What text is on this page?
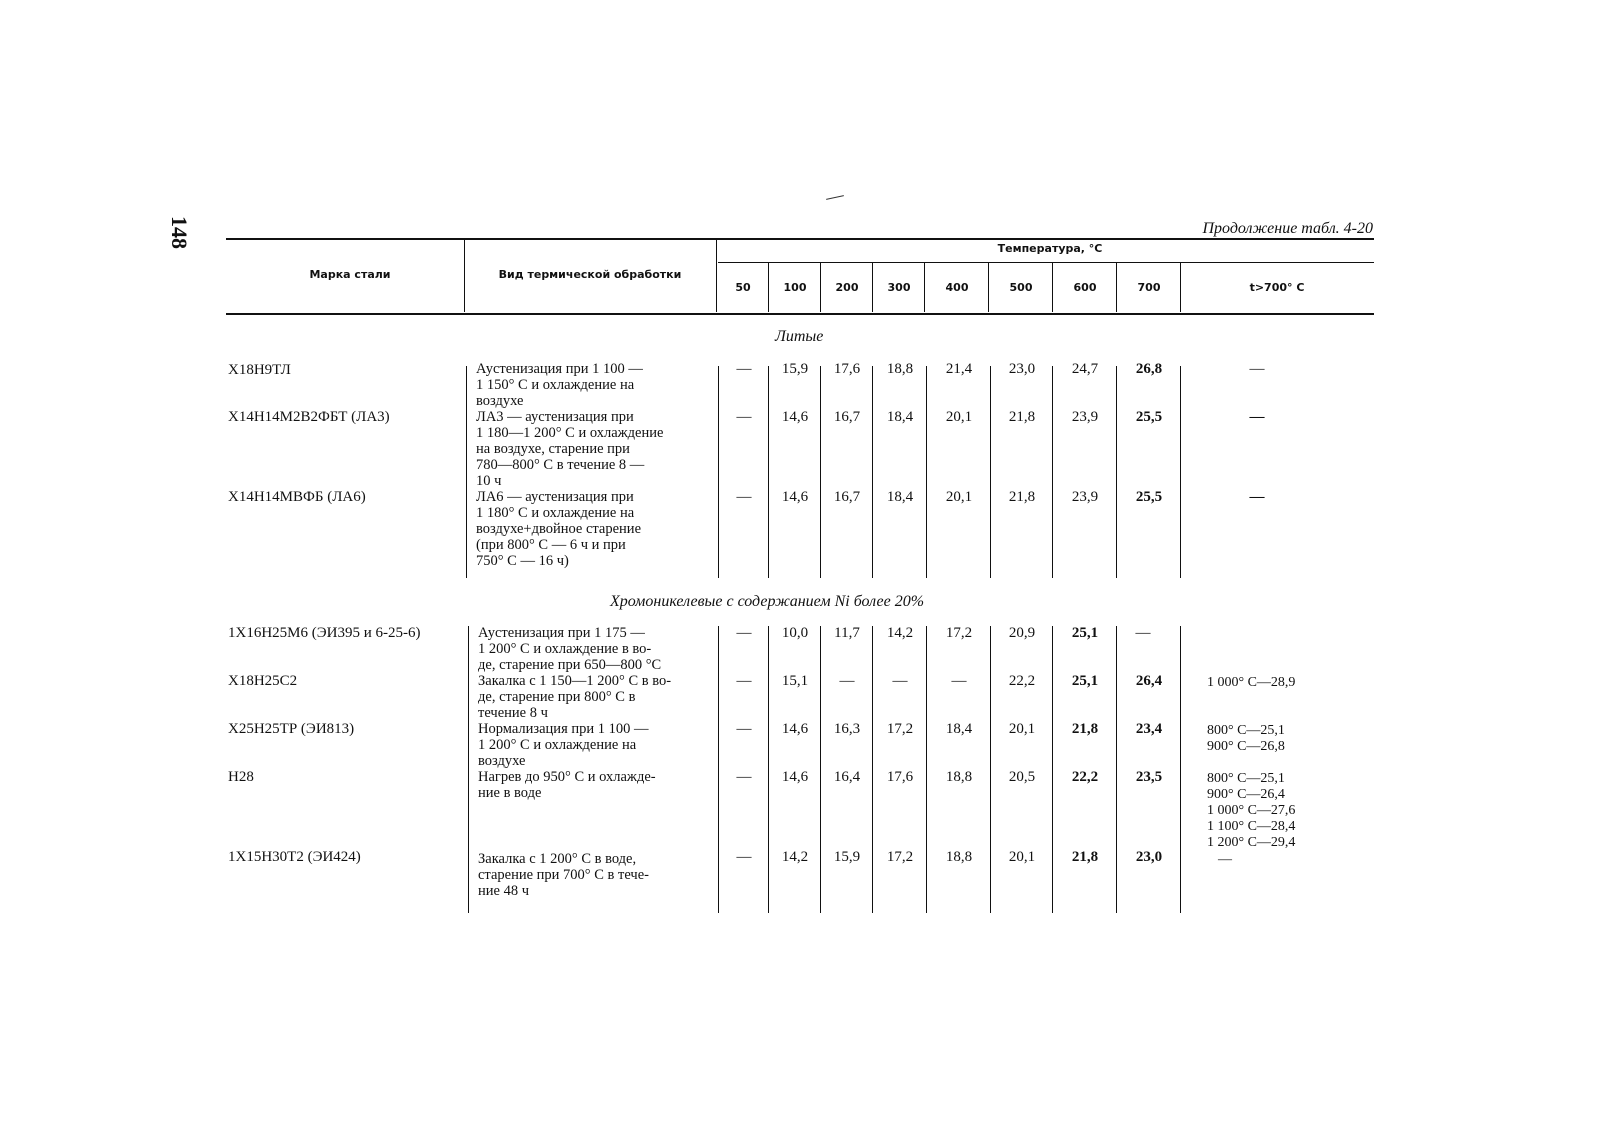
148	Продолжение табл. 4-20
Марка стали	Вид термической обработки
Температура, °С
50	100	200	300	400	500	600	700	t>700° С
Литые
Х18Н9ТЛ	Аустенизация при 1 100 —
1 150° С и охлаждение на
воздухе
—	15,9	17,6	18,8	21,4	23,0	24,7	26,8	—
Х14Н14М2В2ФБТ (ЛА3)	ЛА3 — аустенизация при
1 180—1 200° С и охлаждение
на воздухе, старение при
780—800° С в течение 8 —
10 ч
—	14,6	16,7	18,4	20,1	21,8	23,9	25,5	—
Х14Н14МВФБ (ЛА6)	ЛА6 — аустенизация при
1 180° С и охлаждение на
воздухе+двойное старение
(при 800° С — 6 ч и при
750° С — 16 ч)
—	14,6	16,7	18,4	20,1	21,8	23,9	25,5	—
Хромоникелевые с содержанием Ni более 20%
1Х16Н25М6 (ЭИ395 и 6-25-6)	Аустенизация при 1 175 —
1 200° С и охлаждение в во-
де, старение при 650—800 °С
—	10,0	11,7	14,2	17,2	20,9	25,1	—
Х18Н25С2	Закалка с 1 150—1 200° С в во-
де, старение при 800° С в
течение 8 ч
—	15,1	—	—	—	22,2	25,1	26,4	1 000° С—28,9
Х25Н25ТР (ЭИ813)	Нормализация при 1 100 —
1 200° С и охлаждение на
воздухе
—	14,6	16,3	17,2	18,4	20,1	21,8	23,4	800° С—25,1
900° С—26,8
Н28	Нагрев до 950° С и охлажде-
ние в воде
—	14,6	16,4	17,6	18,8	20,5	22,2	23,5	800° С—25,1
900° С—26,4
1 000° С—27,6
1 100° С—28,4
1 200° С—29,4
1Х15Н30Т2 (ЭИ424)	Закалка с 1 200° С в воде,
старение при 700° С в тече-
ние 48 ч
—	14,2	15,9	17,2	18,8	20,1	21,8	23,0	—
